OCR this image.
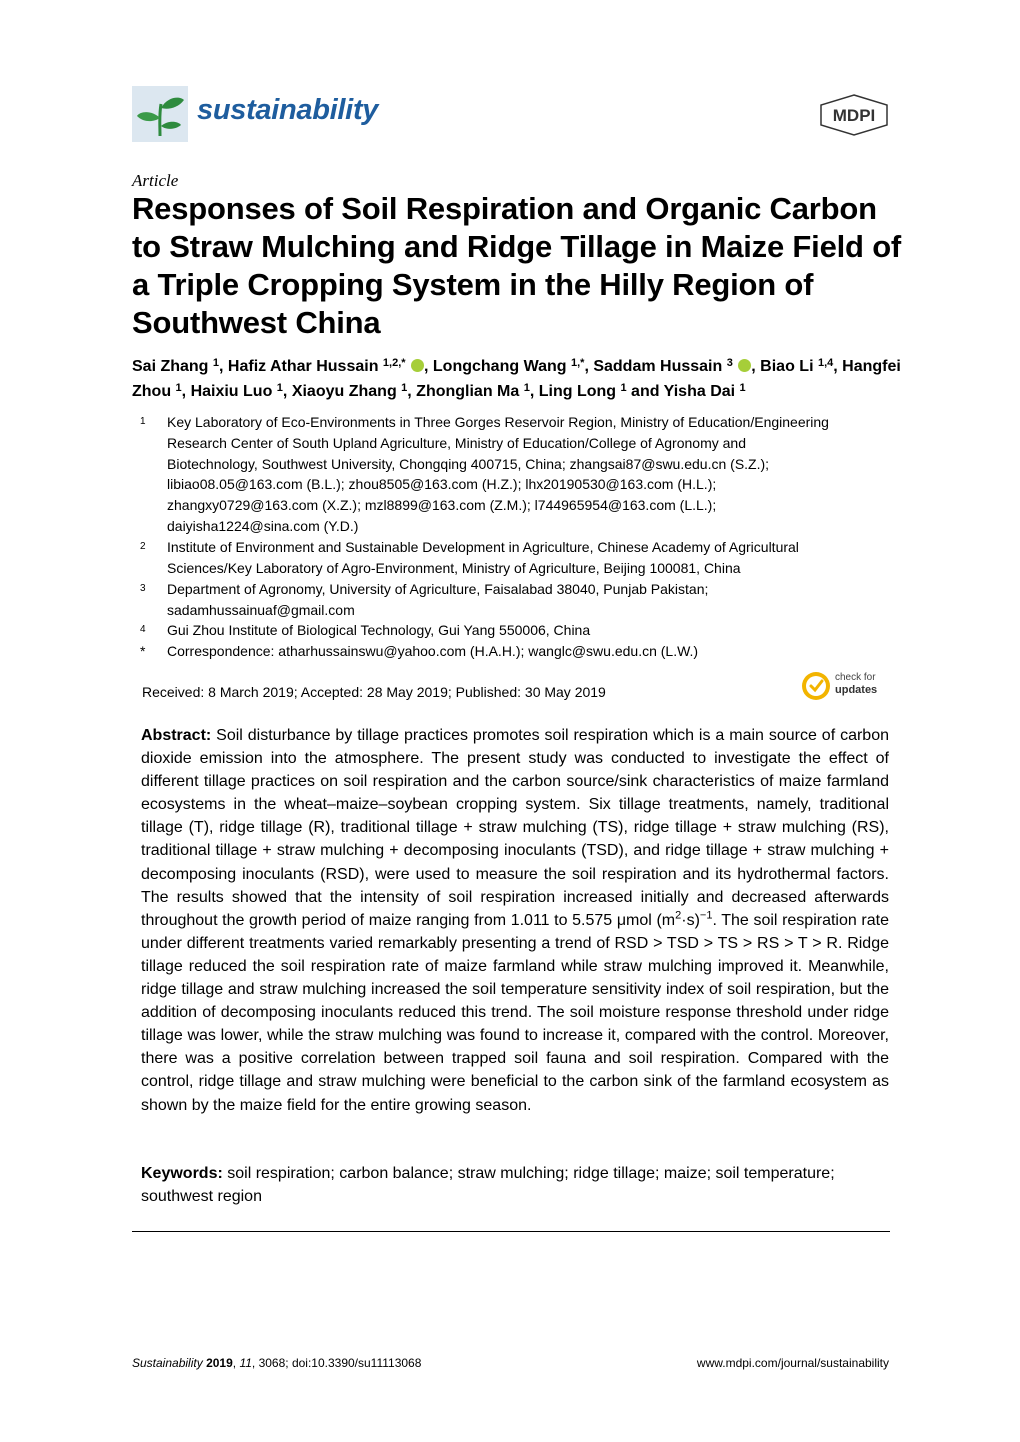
sustainability	MDPI
Article
Responses of Soil Respiration and Organic Carbon to Straw Mulching and Ridge Tillage in Maize Field of a Triple Cropping System in the Hilly Region of Southwest China
Sai Zhang $^1$, Hafiz Athar Hussain $^{1,2,*}$ , Longchang Wang $^{1,*}$, Saddam Hussain $^3$ , Biao Li $^{1,4}$, Hangfei Zhou $^1$, Haixiu Luo $^1$, Xiaoyu Zhang $^1$, Zhonglian Ma $^1$, Ling Long $^1$ and Yisha Dai $^1$
1 Key Laboratory of Eco-Environments in Three Gorges Reservoir Region, Ministry of Education/Engineering
Research Center of South Upland Agriculture, Ministry of Education/College of Agronomy and
Biotechnology, Southwest University, Chongqing 400715, China; zhangsai87@swu.edu.cn (S.Z.);
libiao08.05@163.com (B.L.); zhou8505@163.com (H.Z.); lhx20190530@163.com (H.L.);
zhangxy0729@163.com (X.Z.); mzl8899@163.com (Z.M.); l744965954@163.com (L.L.);
daiyisha1224@sina.com (Y.D.)
2 Institute of Environment and Sustainable Development in Agriculture, Chinese Academy of Agricultural
Sciences/Key Laboratory of Agro-Environment, Ministry of Agriculture, Beijing 100081, China
3 Department of Agronomy, University of Agriculture, Faisalabad 38040, Punjab Pakistan;
sadamhussainuaf@gmail.com
4 Gui Zhou Institute of Biological Technology, Gui Yang 550006, China
* Correspondence: atharhussainswu@yahoo.com (H.A.H.); wanglc@swu.edu.cn (L.W.)
Received: 8 March 2019; Accepted: 28 May 2019; Published: 30 May 2019
check for
updates
Abstract: Soil disturbance by tillage practices promotes soil respiration which is a main source of carbon dioxide emission into the atmosphere. The present study was conducted to investigate the effect of different tillage practices on soil respiration and the carbon source/sink characteristics of maize farmland ecosystems in the wheat–maize–soybean cropping system. Six tillage treatments, namely, traditional tillage (T), ridge tillage (R), traditional tillage + straw mulching (TS), ridge tillage + straw mulching (RS), traditional tillage + straw mulching + decomposing inoculants (TSD), and ridge tillage + straw mulching + decomposing inoculants (RSD), were used to measure the soil respiration and its hydrothermal factors. The results showed that the intensity of soil respiration increased initially and decreased afterwards throughout the growth period of maize ranging from 1.011 to 5.575 μmol $(m^2\cdot s)^{-1}$. The soil respiration rate under different treatments varied remarkably presenting a trend of RSD > TSD > TS > RS > T > R. Ridge tillage reduced the soil respiration rate of maize farmland while straw mulching improved it. Meanwhile, ridge tillage and straw mulching increased the soil temperature sensitivity index of soil respiration, but the addition of decomposing inoculants reduced this trend. The soil moisture response threshold under ridge tillage was lower, while the straw mulching was found to increase it, compared with the control. Moreover, there was a positive correlation between trapped soil fauna and soil respiration. Compared with the control, ridge tillage and straw mulching were beneficial to the carbon sink of the farmland ecosystem as shown by the maize field for the entire growing season.
Keywords: soil respiration; carbon balance; straw mulching; ridge tillage; maize; soil temperature; southwest region
Sustainability 2019, 11, 3068; doi:10.3390/su11113068	www.mdpi.com/journal/sustainability
